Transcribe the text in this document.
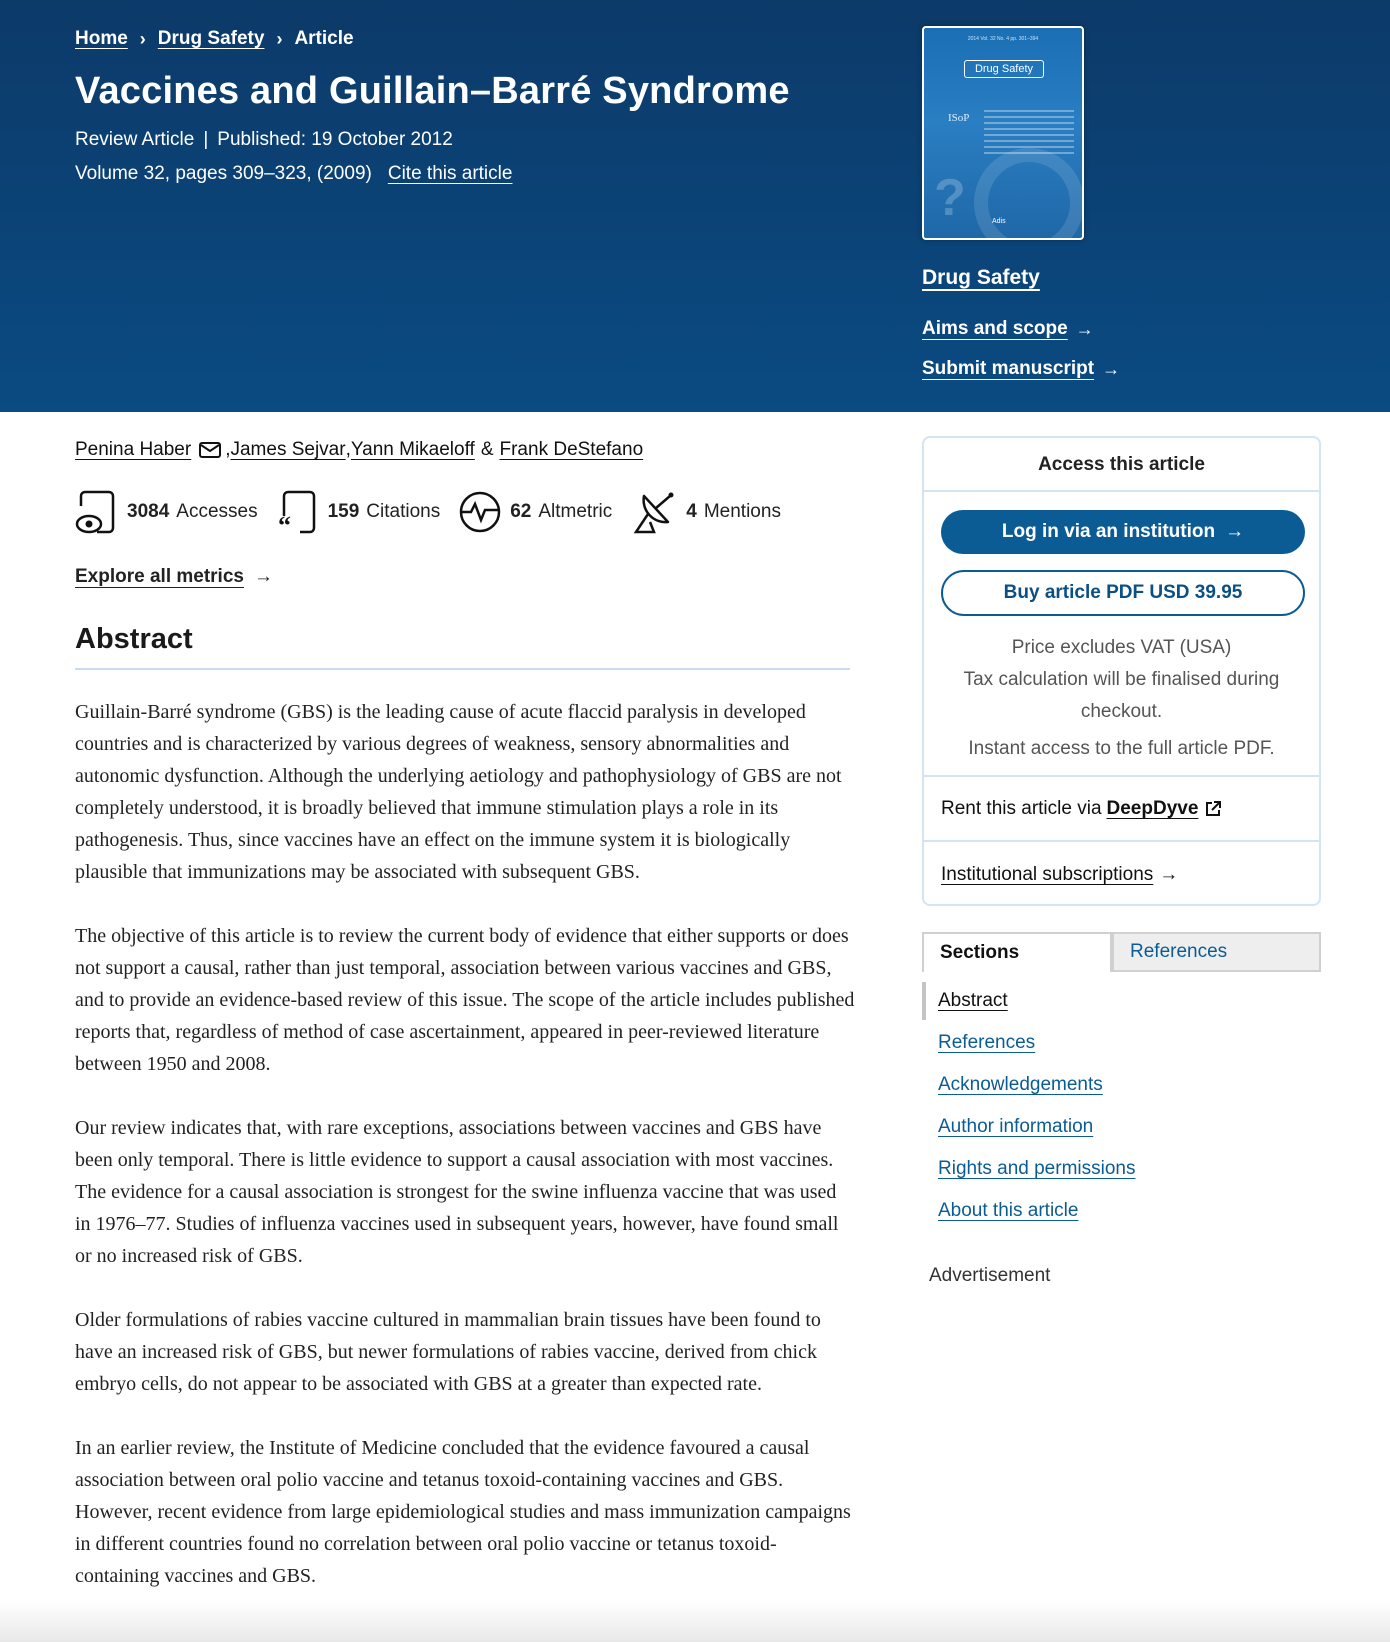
Home › Drug Safety › Article
Vaccines and Guillain–Barré Syndrome
Review Article | Published: 19 October 2012
Volume 32, pages 309–323, (2009) Cite this article
2014 Vol. 32 No. 4 pp. 301–394
Drug Safety
ISoP
?	Adis
Drug Safety
Aims and scope →
Submit manuscript →
Penina Haber , James Sejvar , Yann Mikaeloff & Frank DeStefano
3084 Accesses “ 159 Citations	62 Altmetric	4 Mentions
Explore all metrics →
Abstract

Guillain-Barré syndrome (GBS) is the leading cause of acute flaccid paralysis in developed countries and is characterized by various degrees of weakness, sensory abnormalities and autonomic dysfunction. Although the underlying aetiology and pathophysiology of GBS are not completely understood, it is broadly believed that immune stimulation plays a role in its pathogenesis. Thus, since vaccines have an effect on the immune system it is biologically plausible that immunizations may be associated with subsequent GBS.

The objective of this article is to review the current body of evidence that either supports or does not support a causal, rather than just temporal, association between various vaccines and GBS, and to provide an evidence-based review of this issue. The scope of the article includes published reports that, regardless of method of case ascertainment, appeared in peer-reviewed literature between 1950 and 2008.

Our review indicates that, with rare exceptions, associations between vaccines and GBS have been only temporal. There is little evidence to support a causal association with most vaccines. The evidence for a causal association is strongest for the swine influenza vaccine that was used in 1976–77. Studies of influenza vaccines used in subsequent years, however, have found small or no increased risk of GBS.

Older formulations of rabies vaccine cultured in mammalian brain tissues have been found to have an increased risk of GBS, but newer formulations of rabies vaccine, derived from chick embryo cells, do not appear to be associated with GBS at a greater than expected rate.

In an earlier review, the Institute of Medicine concluded that the evidence favoured a causal association between oral polio vaccine and tetanus toxoid-containing vaccines and GBS. However, recent evidence from large epidemiological studies and mass immunization campaigns in different countries found no correlation between oral polio vaccine or tetanus toxoid-containing vaccines and GBS.

Access this article
Log in via an institution →
Buy article PDF USD 39.95
Price excludes VAT (USA)
Tax calculation will be finalised during
checkout.
Instant access to the full article PDF.
Rent this article via DeepDyve
Institutional subscriptions →
Sections	References
Abstract
References
Acknowledgements
Author information
Rights and permissions
About this article
Advertisement
